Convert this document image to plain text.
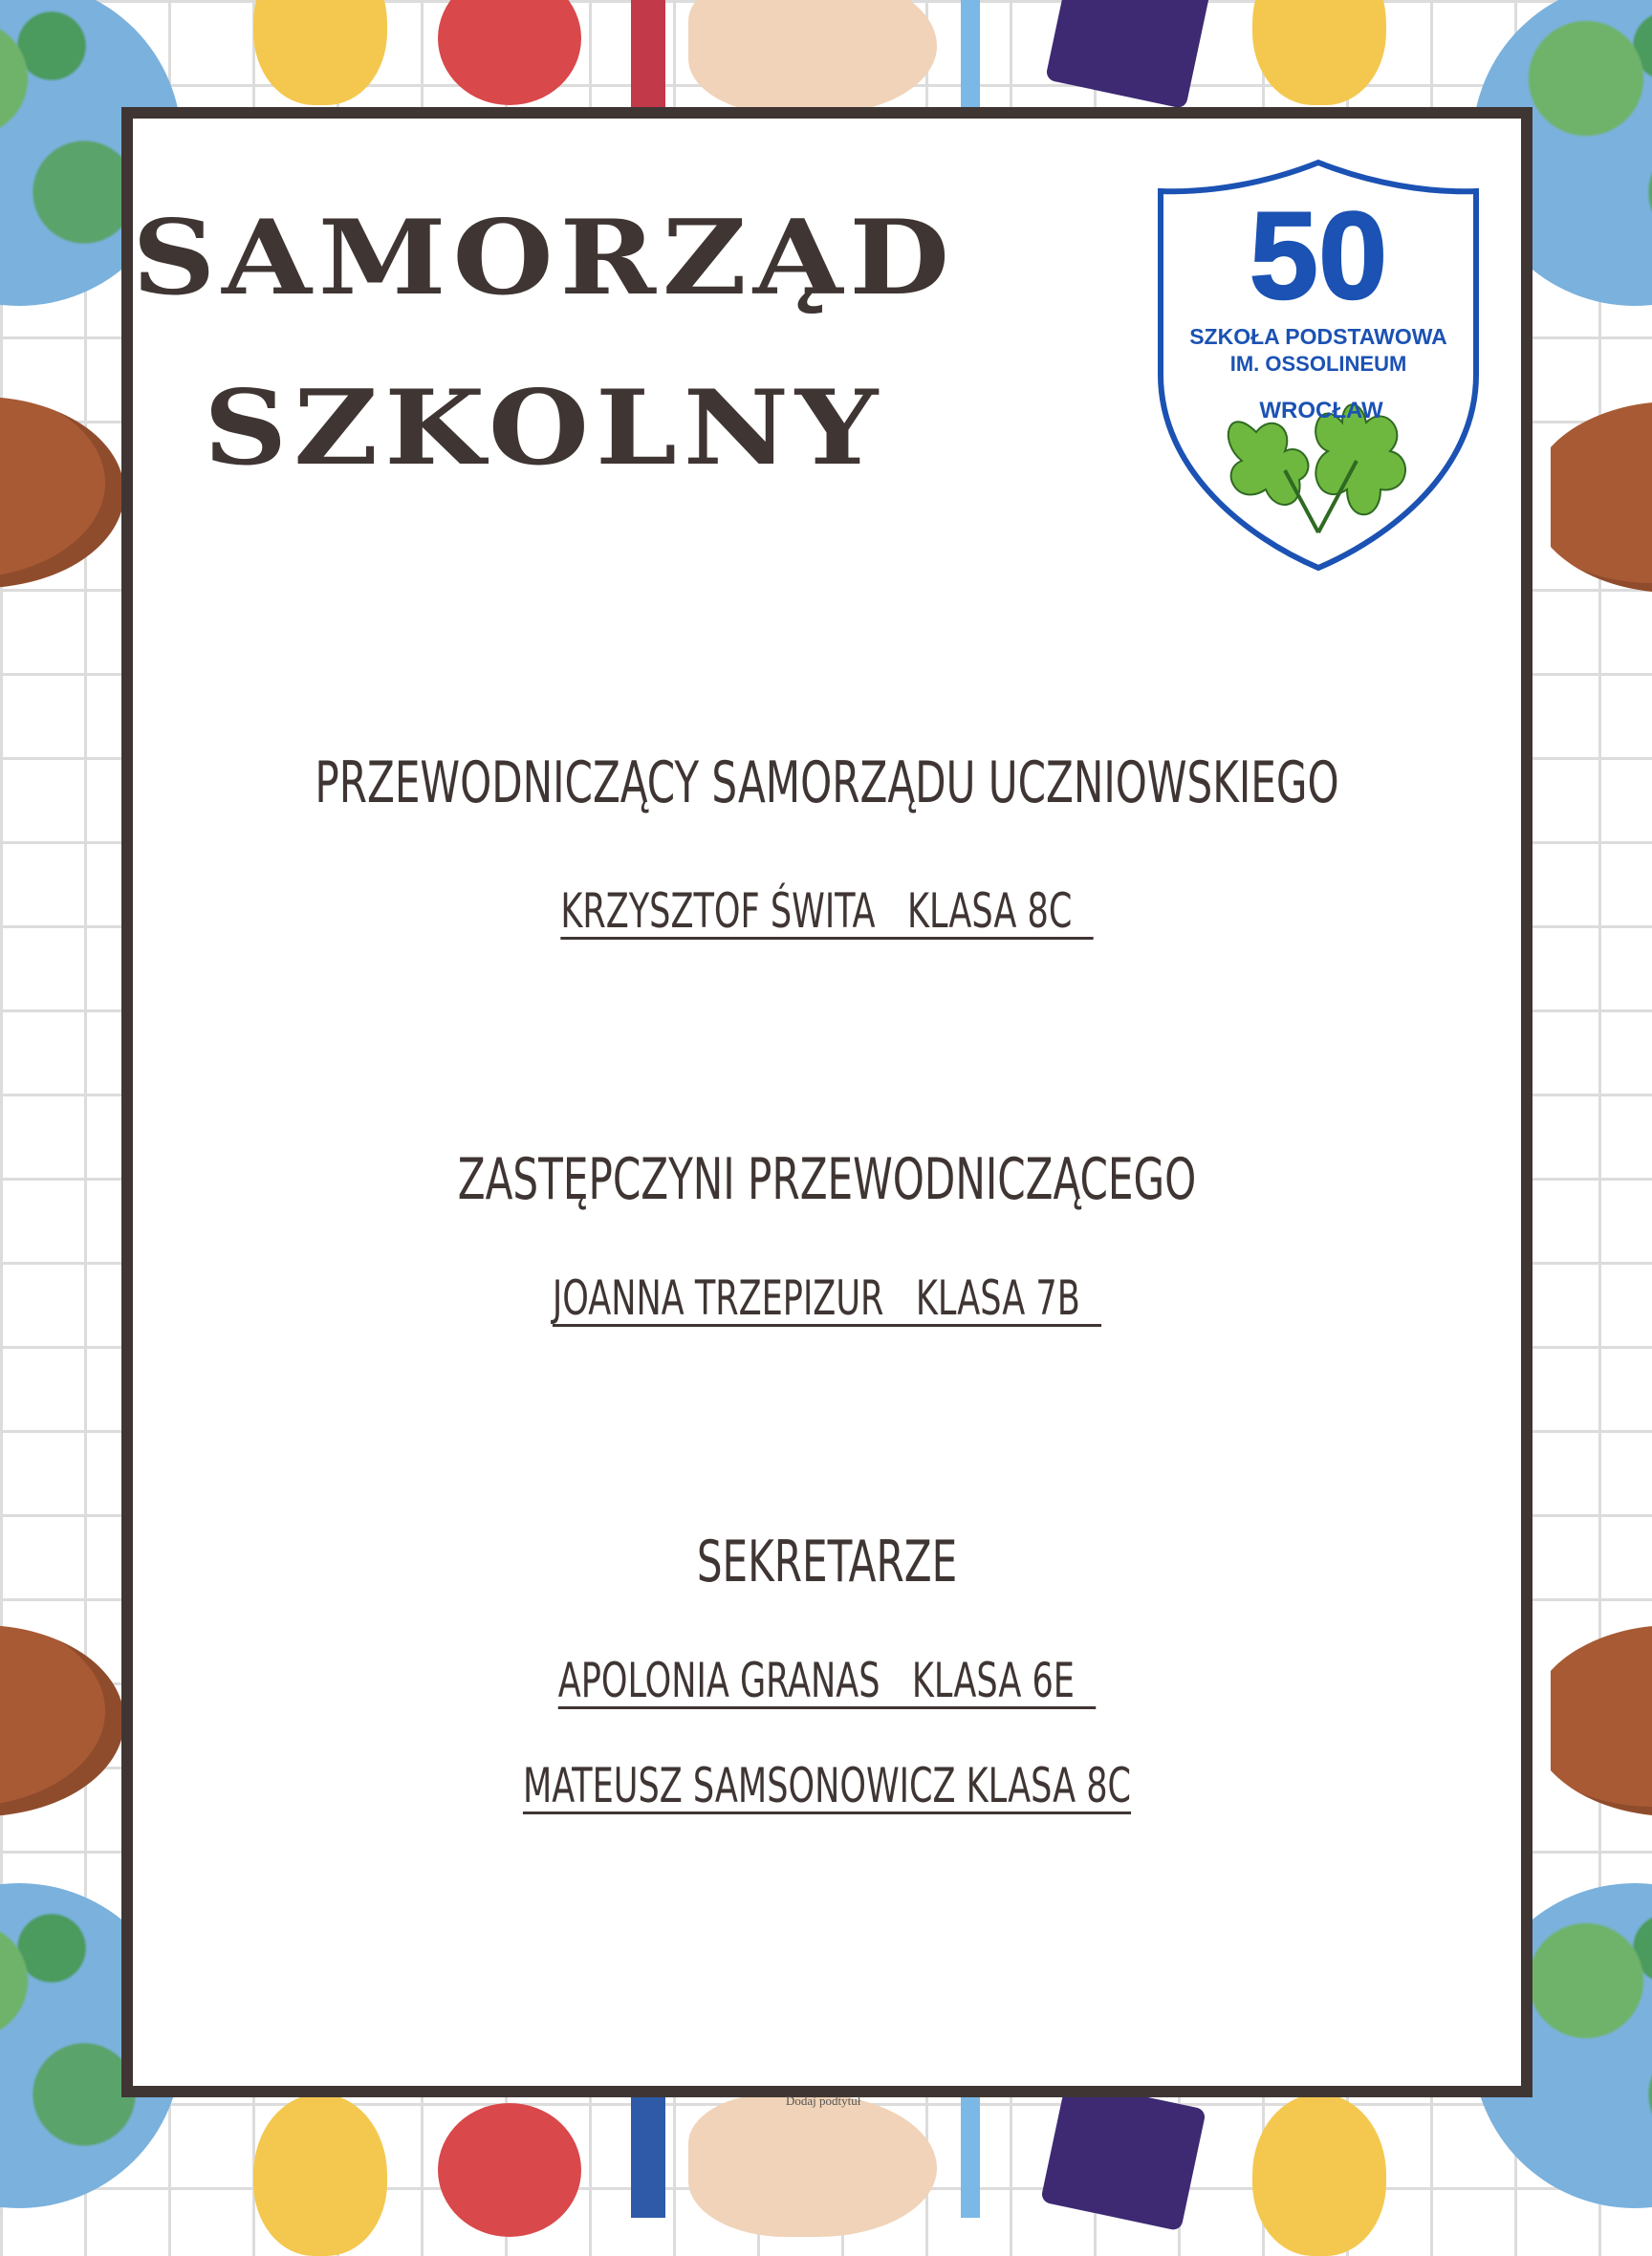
SAMORZĄD
SZKOLNY
50
SZKOŁA PODSTAWOWA
IM. OSSOLINEUM
WROCŁAW
PRZEWODNICZĄCY SAMORZĄDU UCZNIOWSKIEGO
KRZYSZTOF ŚWITA   KLASA 8C
ZASTĘPCZYNI PRZEWODNICZĄCEGO
JOANNA TRZEPIZUR   KLASA 7B
SEKRETARZE
APOLONIA GRANAS   KLASA 6E
MATEUSZ SAMSONOWICZ KLASA 8C
Dodaj podtytuł
